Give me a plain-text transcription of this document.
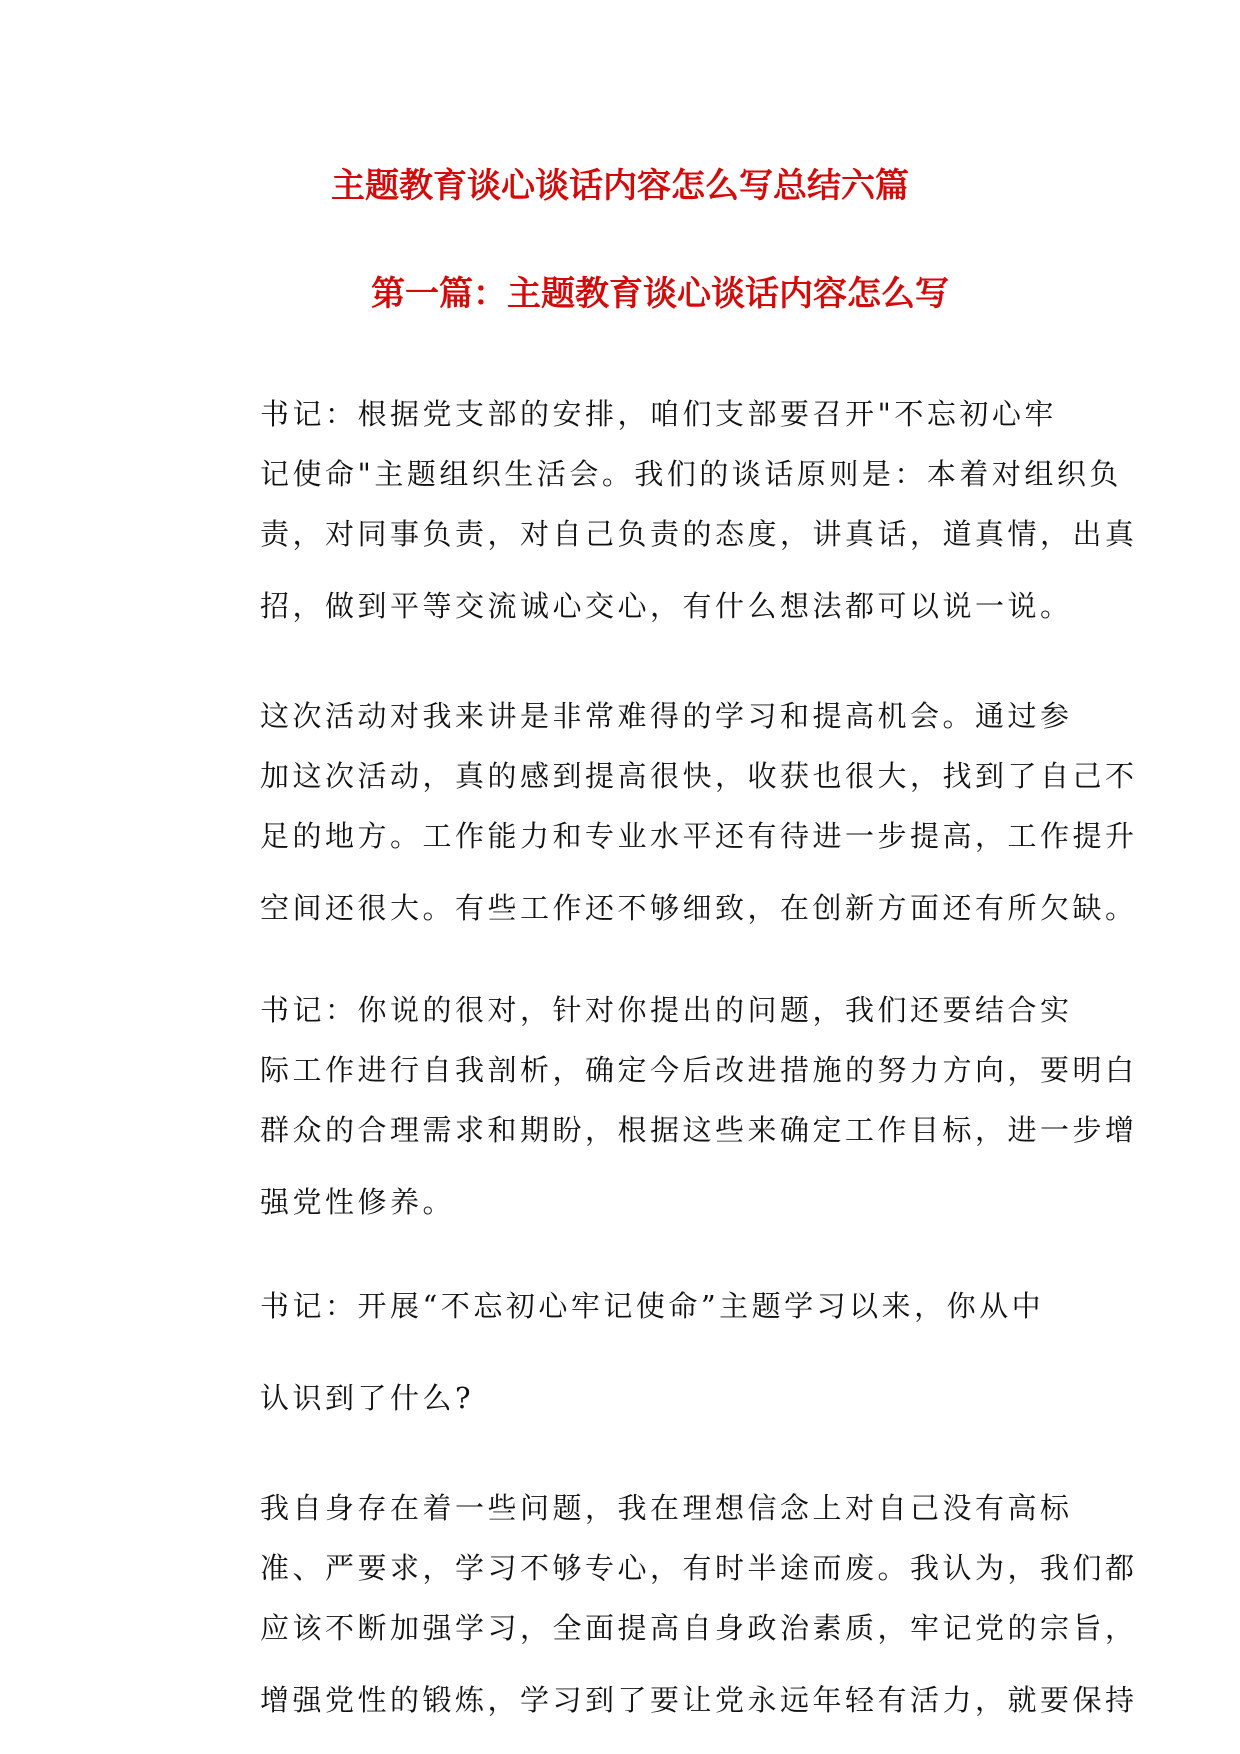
主题教育谈心谈话内容怎么写总结六篇
第一篇：主题教育谈心谈话内容怎么写

书记：根据党支部的安排，咱们支部要召开"不忘初心牢
记使命"主题组织生活会。我们的谈话原则是：本着对组织负
责，对同事负责，对自己负责的态度，讲真话，道真情，出真
招，做到平等交流诚心交心，有什么想法都可以说一说。

这次活动对我来讲是非常难得的学习和提高机会。通过参
加这次活动，真的感到提高很快，收获也很大，找到了自己不
足的地方。工作能力和专业水平还有待进一步提高，工作提升
空间还很大。有些工作还不够细致，在创新方面还有所欠缺。

书记：你说的很对，针对你提出的问题，我们还要结合实
际工作进行自我剖析，确定今后改进措施的努力方向，要明白
群众的合理需求和期盼，根据这些来确定工作目标，进一步增
强党性修养。

书记：开展“不忘初心牢记使命”主题学习以来，你从中
认识到了什么?

我自身存在着一些问题，我在理想信念上对自己没有高标
准、严要求，学习不够专心，有时半途而废。我认为，我们都
应该不断加强学习，全面提高自身政治素质，牢记党的宗旨，
增强党性的锻炼，学习到了要让党永远年轻有活力，就要保持
